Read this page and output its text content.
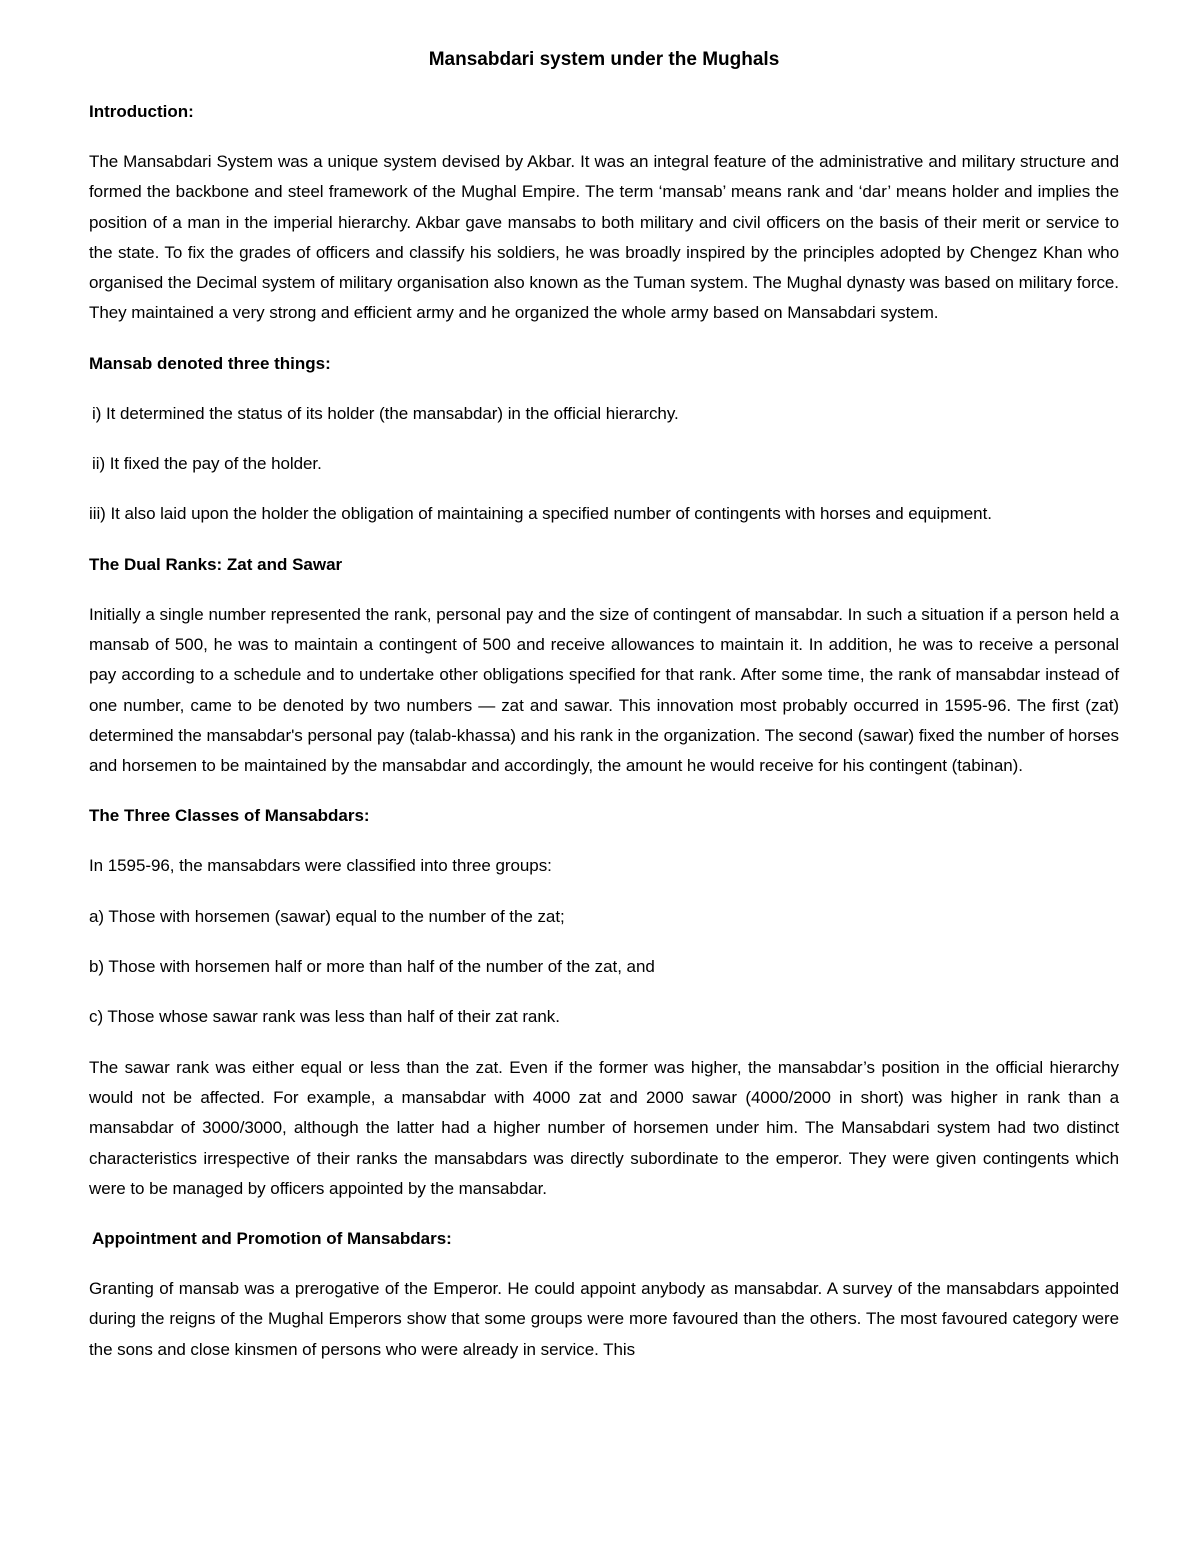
Mansabdari system under the Mughals
Introduction:
The Mansabdari System was a unique system devised by Akbar. It was an integral feature of the administrative and military structure and formed the backbone and steel framework of the Mughal Empire. The term ‘mansab’ means rank and ‘dar’ means holder and implies the position of a man in the imperial hierarchy. Akbar gave mansabs to both military and civil officers on the basis of their merit or service to the state. To fix the grades of officers and classify his soldiers, he was broadly inspired by the principles adopted by Chengez Khan who organised the Decimal system of military organisation also known as the Tuman system. The Mughal dynasty was based on military force. They maintained a very strong and efficient army and he organized the whole army based on Mansabdari system.
Mansab denoted three things:
i) It determined the status of its holder (the mansabdar) in the official hierarchy.
ii) It fixed the pay of the holder.
iii) It also laid upon the holder the obligation of maintaining a specified number of contingents with horses and equipment.
The Dual Ranks: Zat and Sawar
Initially a single number represented the rank, personal pay and the size of contingent of mansabdar. In such a situation if a person held a mansab of 500, he was to maintain a contingent of 500 and receive allowances to maintain it. In addition, he was to receive a personal pay according to a schedule and to undertake other obligations specified for that rank. After some time, the rank of mansabdar instead of one number, came to be denoted by two numbers — zat and sawar. This innovation most probably occurred in 1595-96. The first (zat) determined the mansabdar's personal pay (talab-khassa) and his rank in the organization. The second (sawar) fixed the number of horses and horsemen to be maintained by the mansabdar and accordingly, the amount he would receive for his contingent (tabinan).
The Three Classes of Mansabdars:
In 1595-96, the mansabdars were classified into three groups:
a) Those with horsemen (sawar) equal to the number of the zat;
b) Those with horsemen half or more than half of the number of the zat, and
c) Those whose sawar rank was less than half of their zat rank.
The sawar rank was either equal or less than the zat. Even if the former was higher, the mansabdar’s position in the official hierarchy would not be affected. For example, a mansabdar with 4000 zat and 2000 sawar (4000/2000 in short) was higher in rank than a mansabdar of 3000/3000, although the latter had a higher number of horsemen under him. The Mansabdari system had two distinct characteristics irrespective of their ranks the mansabdars was directly subordinate to the emperor. They were given contingents which were to be managed by officers appointed by the mansabdar.
Appointment and Promotion of Mansabdars:
Granting of mansab was a prerogative of the Emperor. He could appoint anybody as mansabdar. A survey of the mansabdars appointed during the reigns of the Mughal Emperors show that some groups were more favoured than the others. The most favoured category were the sons and close kinsmen of persons who were already in service. This
